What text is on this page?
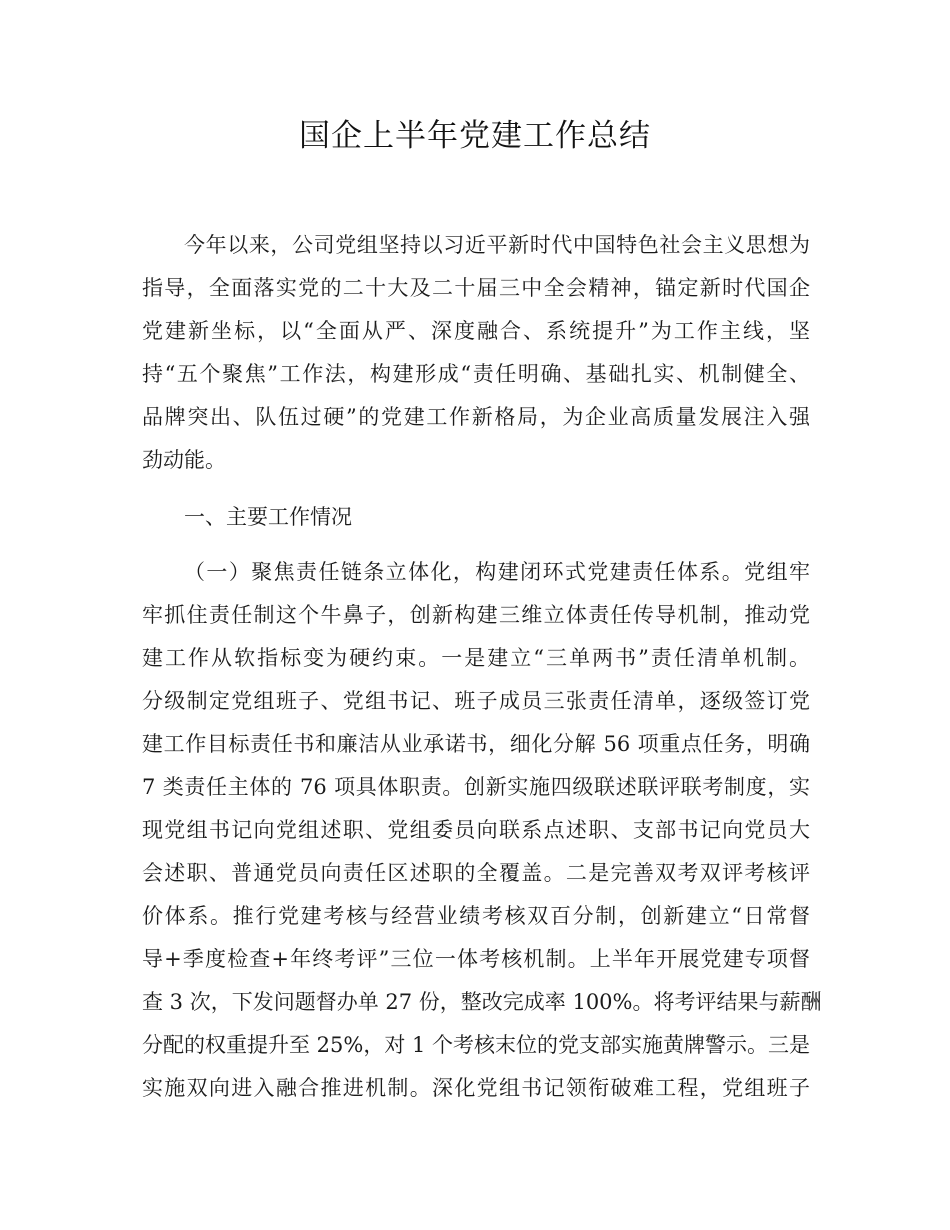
国企上半年党建工作总结
今年以来，公司党组坚持以习近平新时代中国特色社会主义思想为
指导，全面落实党的二十大及二十届三中全会精神，锚定新时代国企
党建新坐标，以“全面从严、深度融合、系统提升”为工作主线，坚
持“五个聚焦”工作法，构建形成“责任明确、基础扎实、机制健全、
品牌突出、队伍过硬”的党建工作新格局，为企业高质量发展注入强
劲动能。
一、主要工作情况
（一）聚焦责任链条立体化，构建闭环式党建责任体系。党组牢
牢抓住责任制这个牛鼻子，创新构建三维立体责任传导机制，推动党
建工作从软指标变为硬约束。一是建立“三单两书”责任清单机制。
分级制定党组班子、党组书记、班子成员三张责任清单，逐级签订党
建工作目标责任书和廉洁从业承诺书，细化分解 56 项重点任务，明确
7 类责任主体的 76 项具体职责。创新实施四级联述联评联考制度，实
现党组书记向党组述职、党组委员向联系点述职、支部书记向党员大
会述职、普通党员向责任区述职的全覆盖。二是完善双考双评考核评
价体系。推行党建考核与经营业绩考核双百分制，创新建立“日常督
导+季度检查+年终考评”三位一体考核机制。上半年开展党建专项督
查 3 次，下发问题督办单 27 份，整改完成率 100%。将考评结果与薪酬
分配的权重提升至 25%，对 1 个考核末位的党支部实施黄牌警示。三是
实施双向进入融合推进机制。深化党组书记领衔破难工程，党组班子
